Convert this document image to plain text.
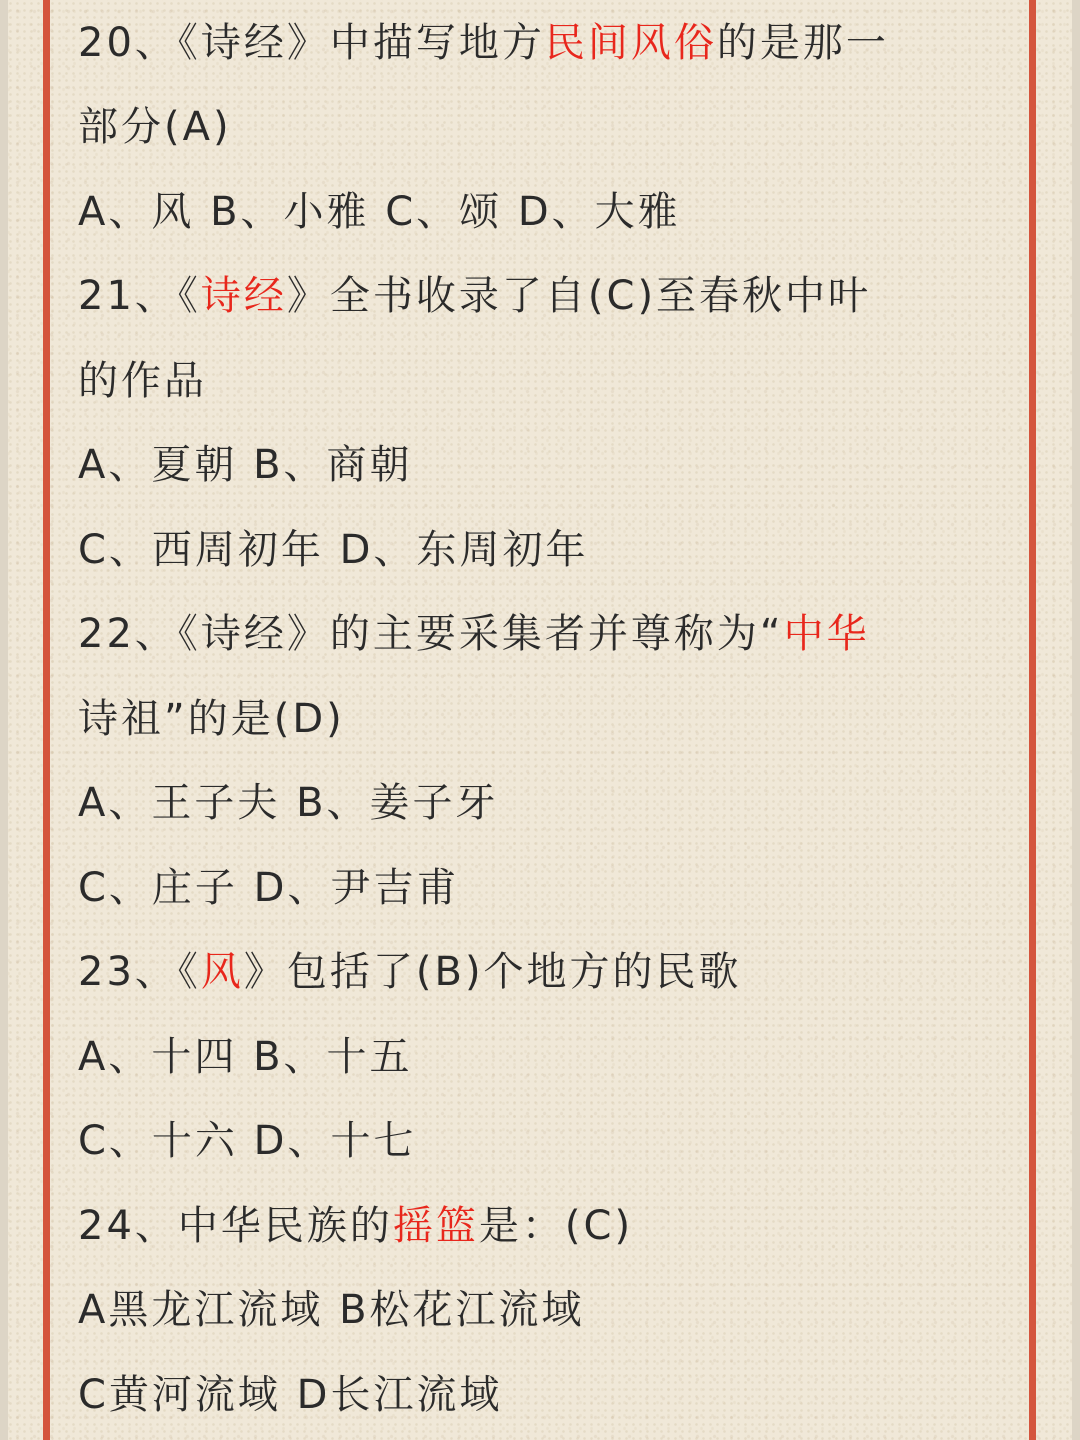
20、《诗经》中描写地方民间风俗的是那一
部分(A)
A、风 B、小雅 C、颂 D、大雅
21、《诗经》全书收录了自(C)至春秋中叶
的作品
A、夏朝 B、商朝
C、西周初年 D、东周初年
22、《诗经》的主要采集者并尊称为“中华
诗祖”的是(D)
A、王子夫 B、姜子牙
C、庄子 D、尹吉甫
23、《风》包括了(B)个地方的民歌
A、十四 B、十五
C、十六 D、十七
24、中华民族的摇篮是：(C)
A黑龙江流域 B松花江流域
C黄河流域 D长江流域
